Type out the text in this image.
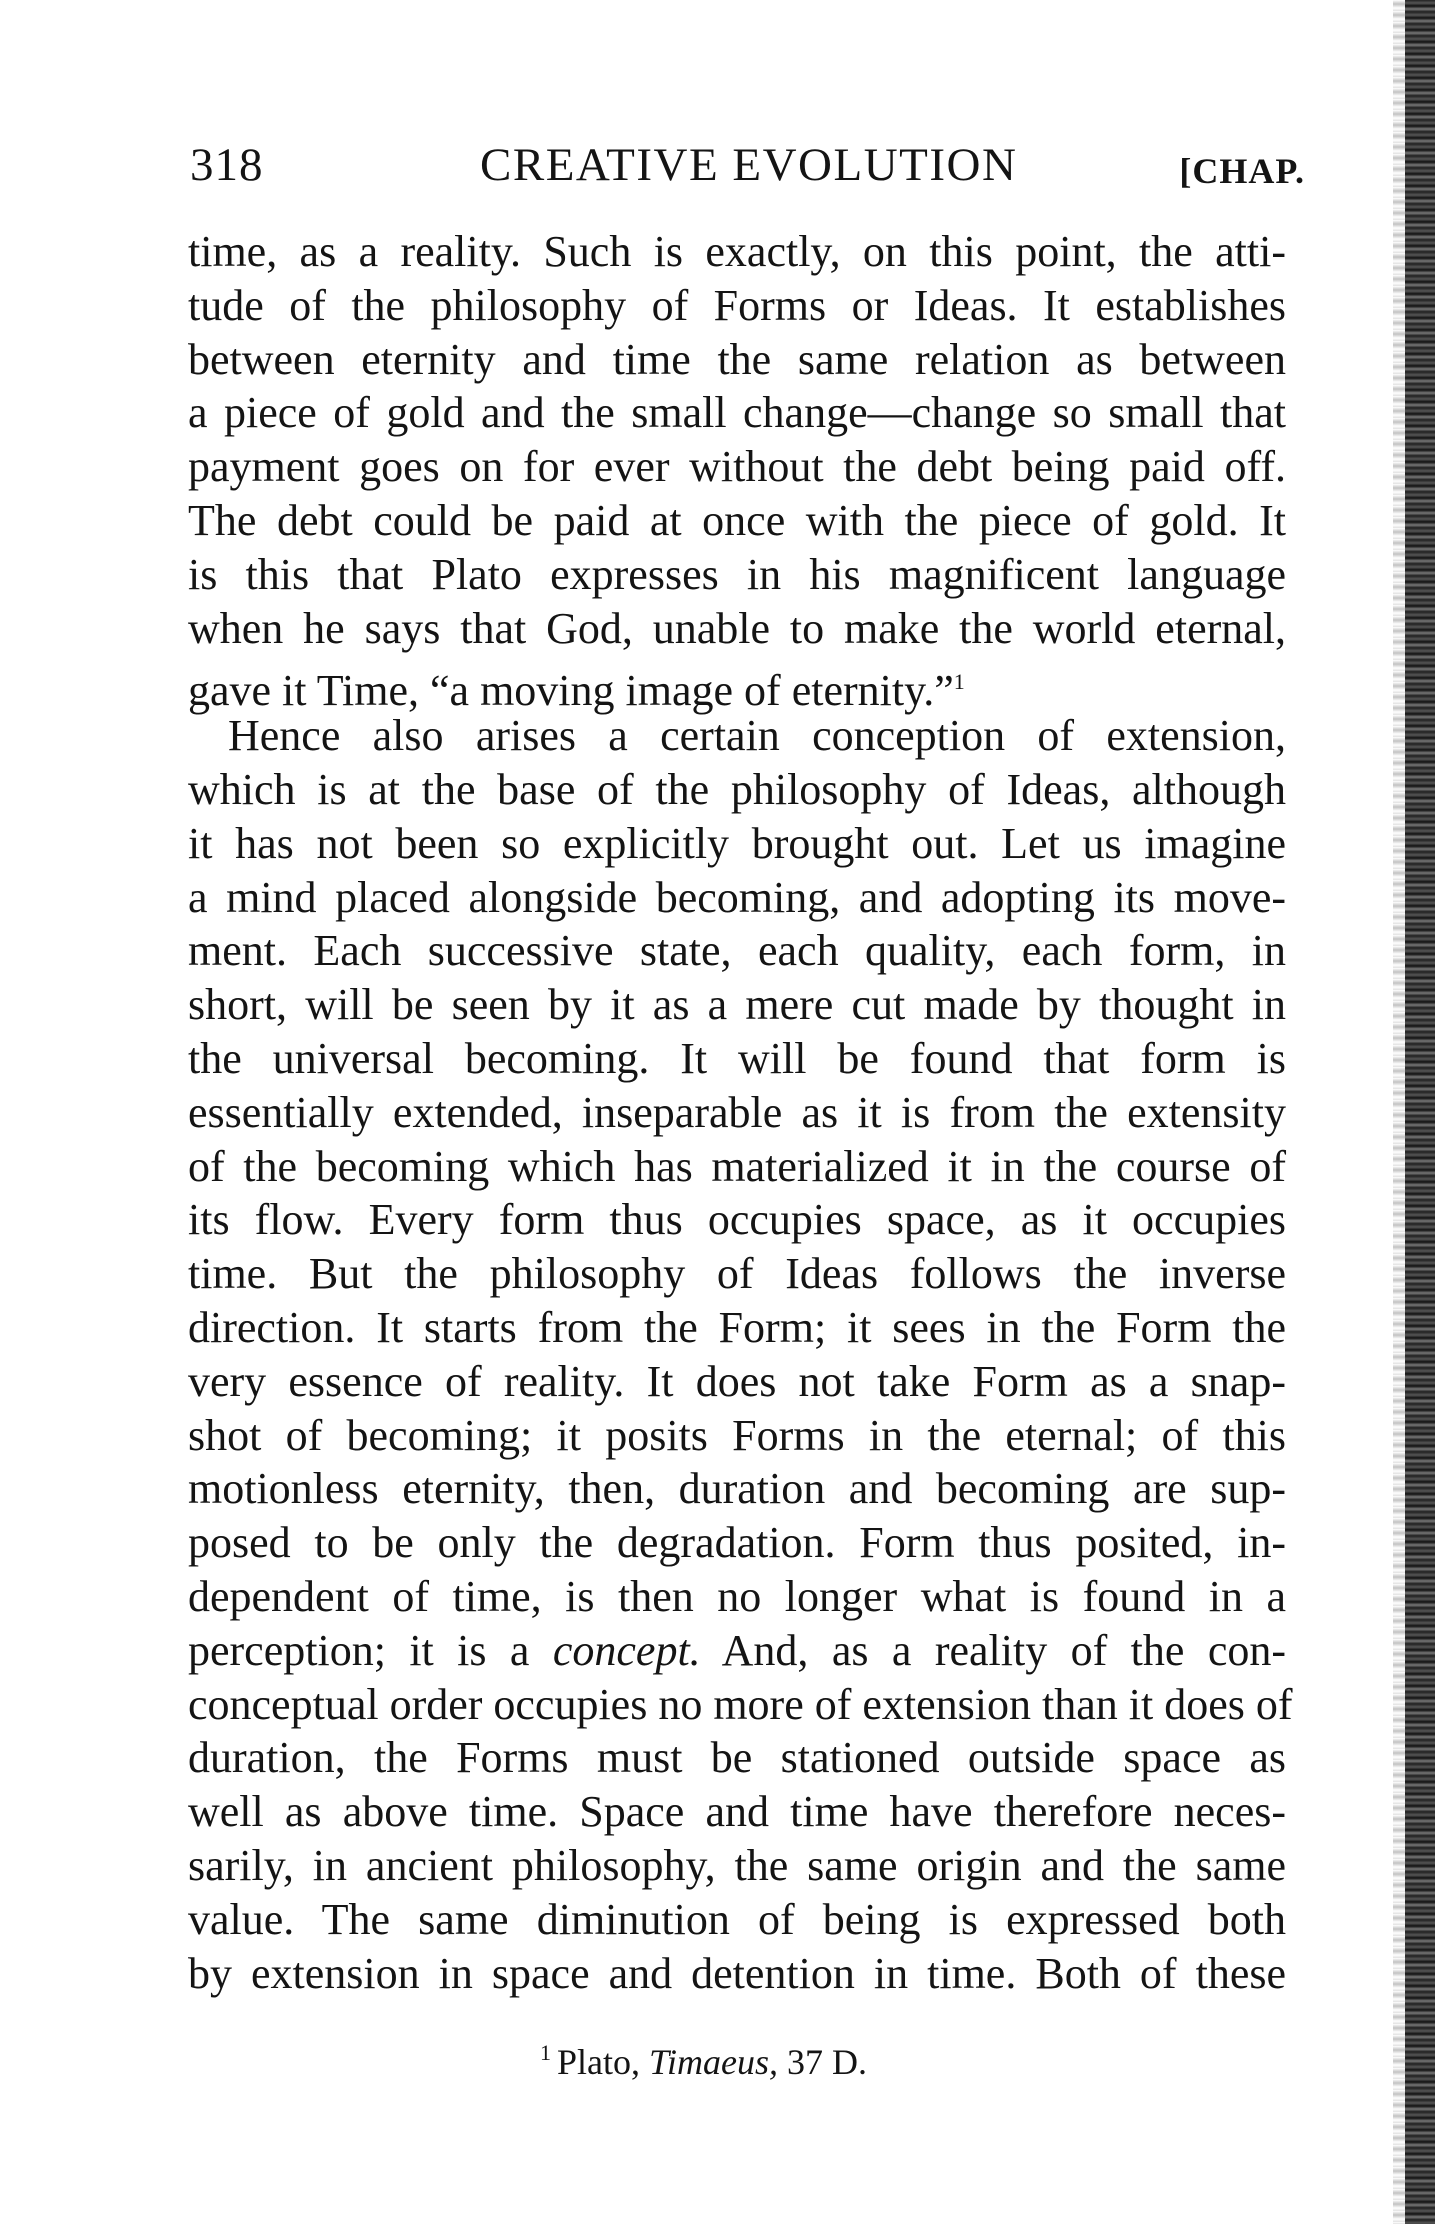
318	CREATIVE EVOLUTION	[CHAP.
time, as a reality. Such is exactly, on this point, the atti-
tude of the philosophy of Forms or Ideas. It establishes
between eternity and time the same relation as between
a piece of gold and the small change—change so small that
payment goes on for ever without the debt being paid off.
The debt could be paid at once with the piece of gold. It
is this that Plato expresses in his magnificent language
when he says that God, unable to make the world eternal,
gave it Time, “a moving image of eternity.”$^1$
Hence also arises a certain conception of extension,
which is at the base of the philosophy of Ideas, although
it has not been so explicitly brought out. Let us imagine
a mind placed alongside becoming, and adopting its move-
ment. Each successive state, each quality, each form, in
short, will be seen by it as a mere cut made by thought in
the universal becoming. It will be found that form is
essentially extended, inseparable as it is from the extensity
of the becoming which has materialized it in the course of
its flow. Every form thus occupies space, as it occupies
time. But the philosophy of Ideas follows the inverse
direction. It starts from the Form; it sees in the Form the
very essence of reality. It does not take Form as a snap-
shot of becoming; it posits Forms in the eternal; of this
motionless eternity, then, duration and becoming are sup-
posed to be only the degradation. Form thus posited, in-
dependent of time, is then no longer what is found in a
perception; it is a concept. And, as a reality of the con-
conceptual order occupies no more of extension than it does of
duration, the Forms must be stationed outside space as
well as above time. Space and time have therefore neces-
sarily, in ancient philosophy, the same origin and the same
value. The same diminution of being is expressed both
by extension in space and detention in time. Both of these
$^1$ Plato, Timaeus, 37 D.
